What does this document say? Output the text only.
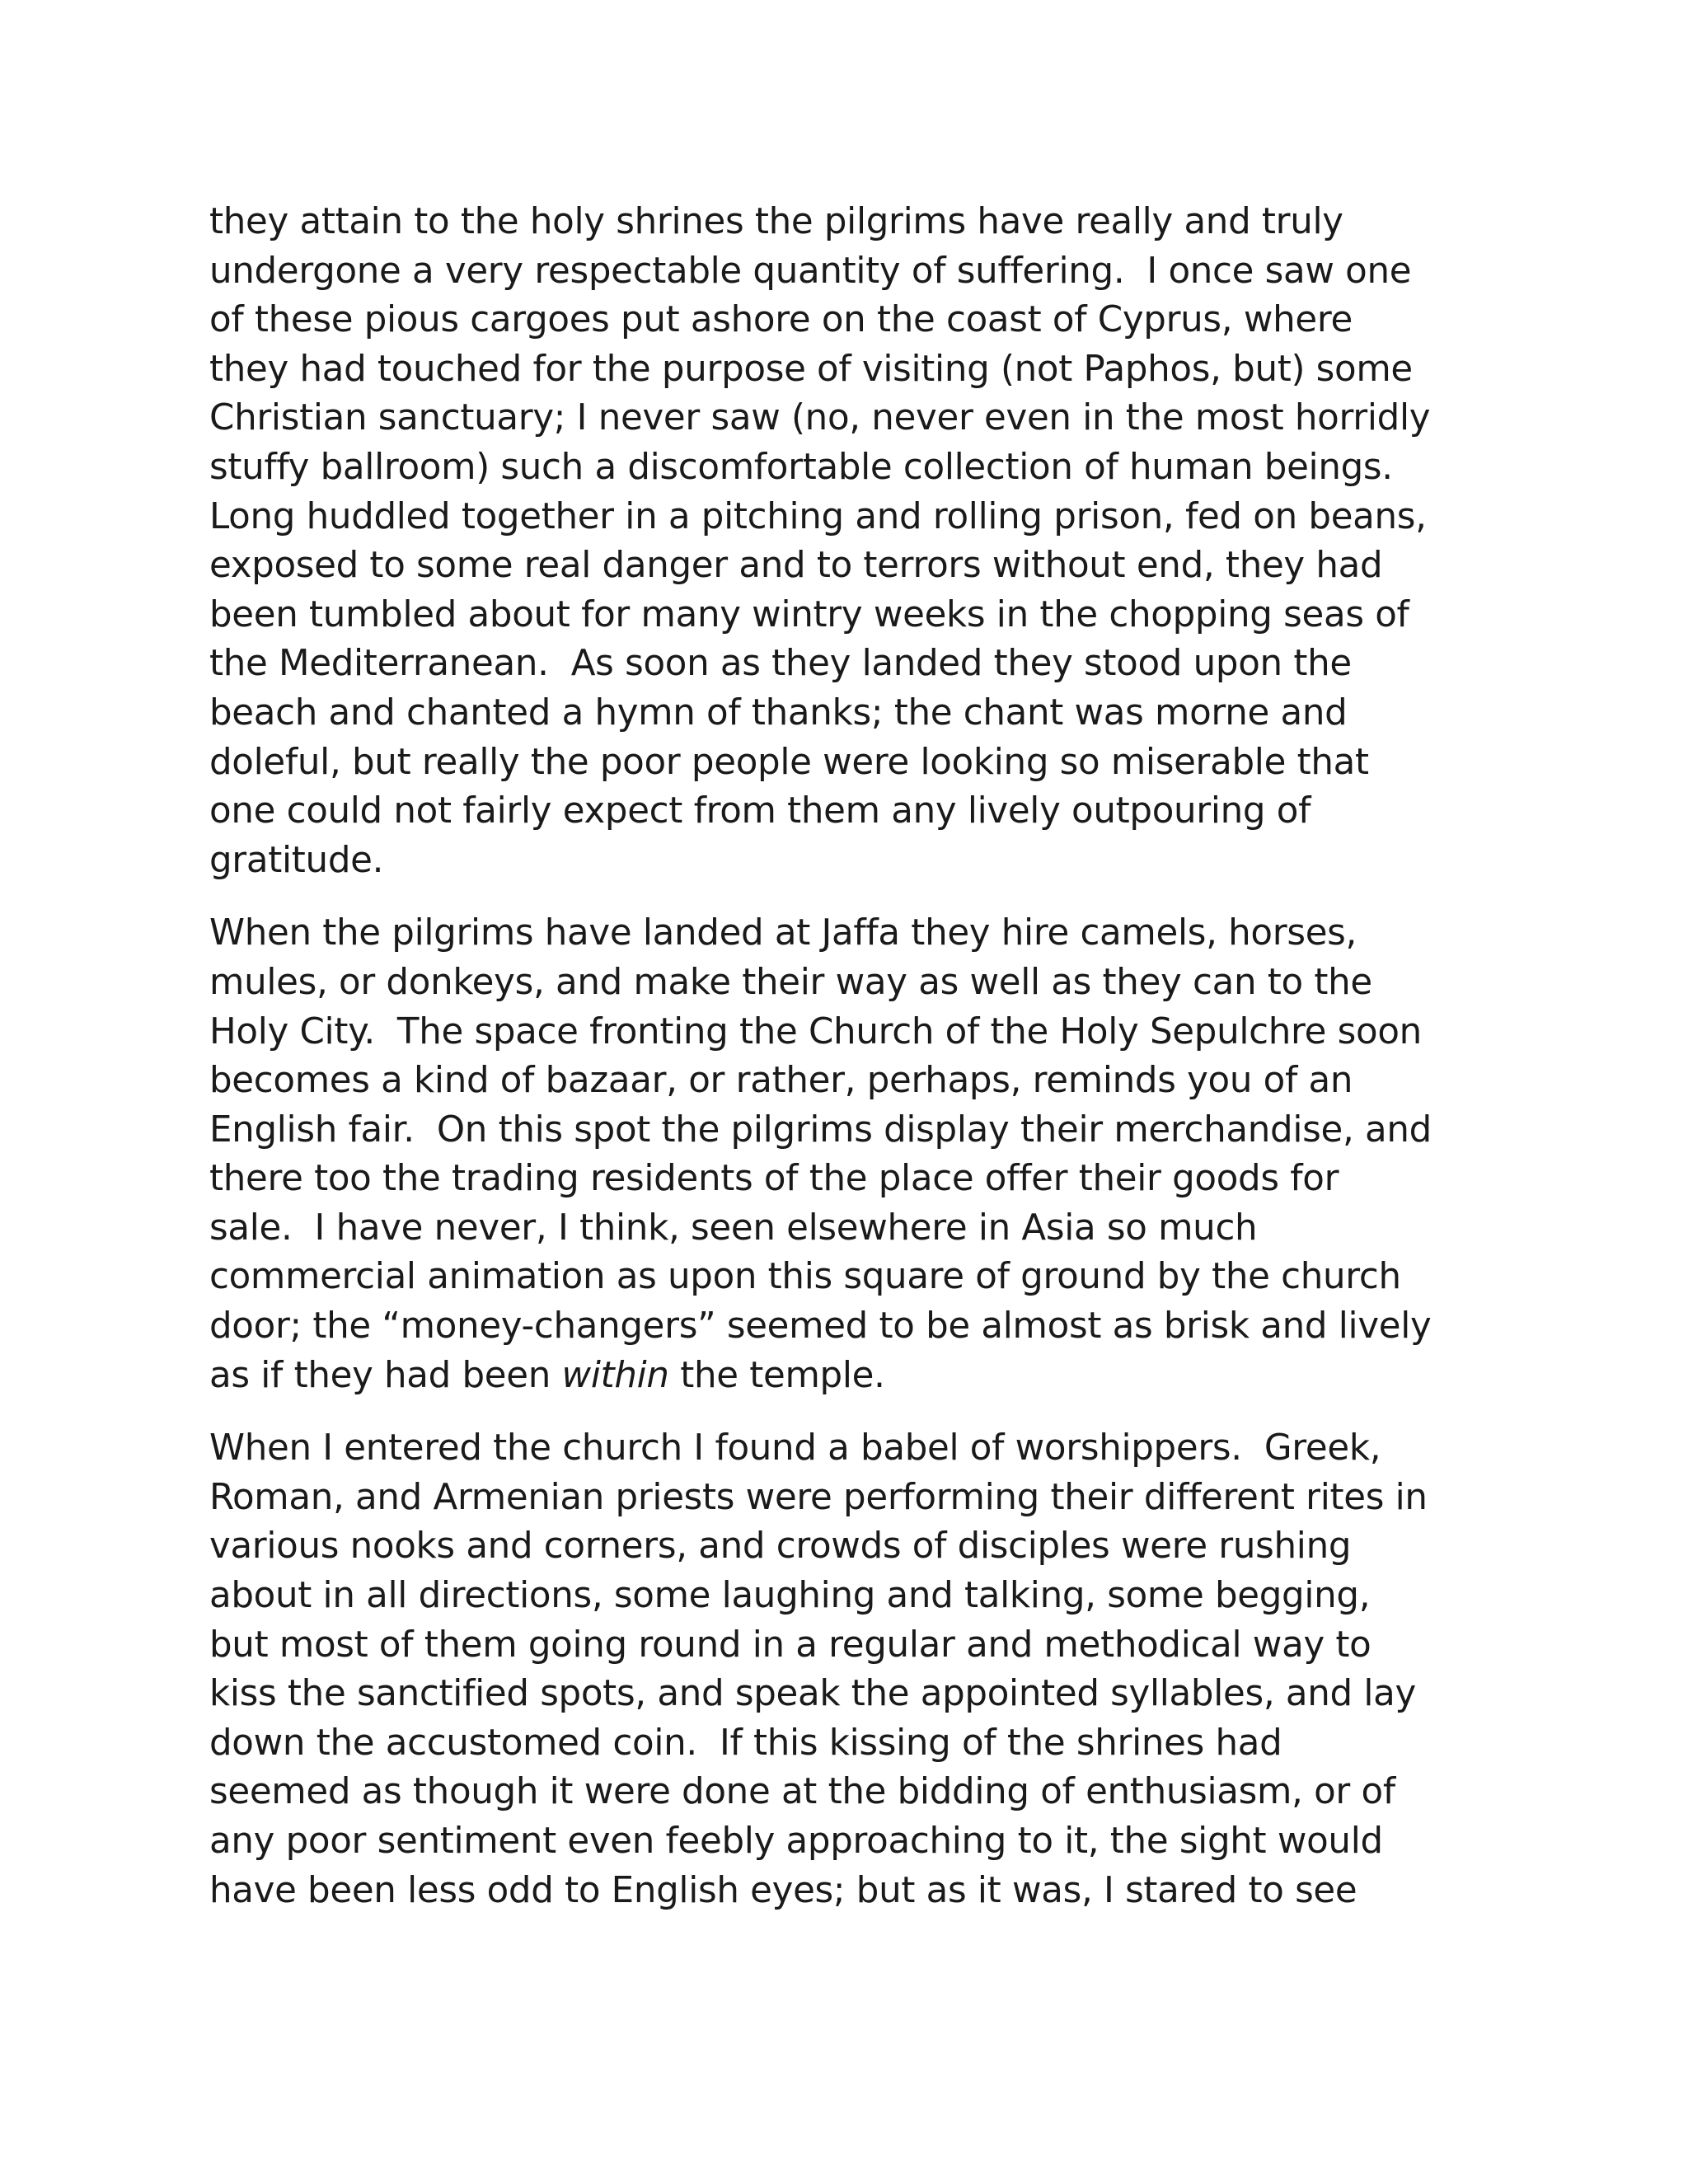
they attain to the holy shrines the pilgrims have really and truly
undergone a very respectable quantity of suffering.  I once saw one
of these pious cargoes put ashore on the coast of Cyprus, where
they had touched for the purpose of visiting (not Paphos, but) some
Christian sanctuary; I never saw (no, never even in the most horridly
stuffy ballroom) such a discomfortable collection of human beings.
Long huddled together in a pitching and rolling prison, fed on beans,
exposed to some real danger and to terrors without end, they had
been tumbled about for many wintry weeks in the chopping seas of
the Mediterranean.  As soon as they landed they stood upon the
beach and chanted a hymn of thanks; the chant was morne and
doleful, but really the poor people were looking so miserable that
one could not fairly expect from them any lively outpouring of
gratitude.
When the pilgrims have landed at Jaffa they hire camels, horses,
mules, or donkeys, and make their way as well as they can to the
Holy City.  The space fronting the Church of the Holy Sepulchre soon
becomes a kind of bazaar, or rather, perhaps, reminds you of an
English fair.  On this spot the pilgrims display their merchandise, and
there too the trading residents of the place offer their goods for
sale.  I have never, I think, seen elsewhere in Asia so much
commercial animation as upon this square of ground by the church
door; the “money-changers” seemed to be almost as brisk and lively
as if they had been within the temple.
When I entered the church I found a babel of worshippers.  Greek,
Roman, and Armenian priests were performing their different rites in
various nooks and corners, and crowds of disciples were rushing
about in all directions, some laughing and talking, some begging,
but most of them going round in a regular and methodical way to
kiss the sanctified spots, and speak the appointed syllables, and lay
down the accustomed coin.  If this kissing of the shrines had
seemed as though it were done at the bidding of enthusiasm, or of
any poor sentiment even feebly approaching to it, the sight would
have been less odd to English eyes; but as it was, I stared to see
